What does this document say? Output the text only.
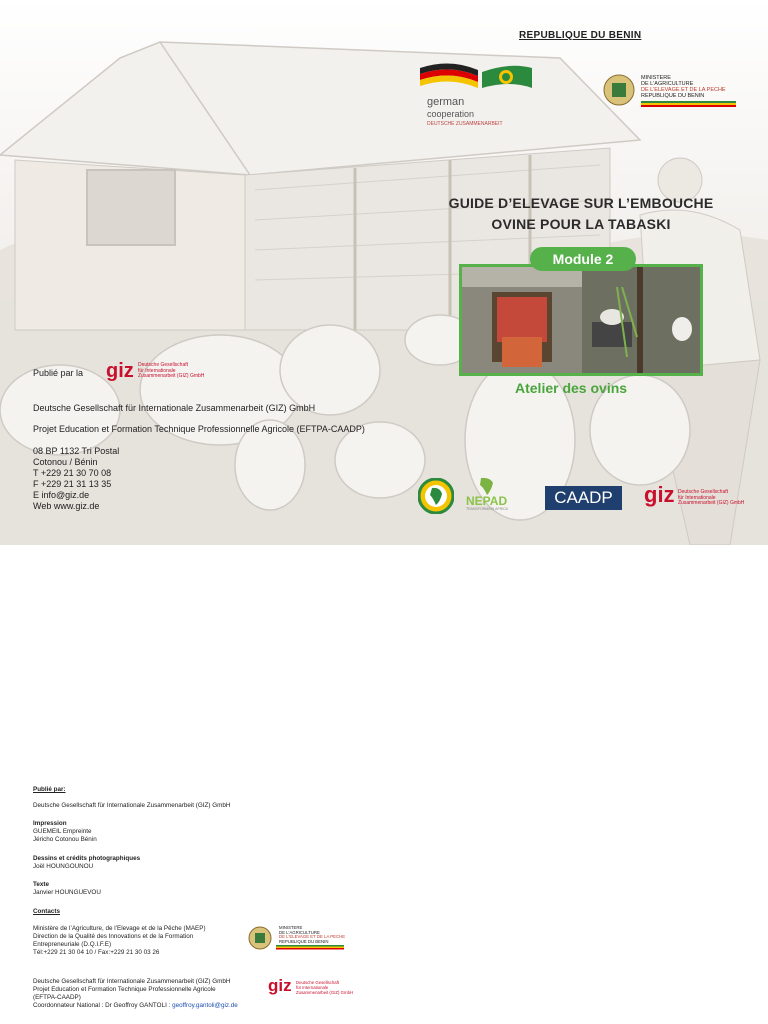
REPUBLIQUE DU BENIN
german
cooperation
DEUTSCHE ZUSAMMENARBEIT
MINISTERE
DE L'AGRICULTURE
DE L'ELEVAGE ET DE LA PECHE
REPUBLIQUE DU BENIN
GUIDE D’ELEVAGE SUR L’EMBOUCHE
OVINE POUR LA TABASKI
Module 2
Atelier des ovins
Publié par la giz Deutsche Gesellschaft
für Internationale
Zusammenarbeit (GIZ) GmbH
Deutsche Gesellschaft für Internationale Zusammenarbeit (GIZ) GmbH
Projet Education et Formation Technique Professionnelle Agricole (EFTPA-CAADP)
08 BP 1132 Tri Postal
Cotonou / Bénin
T +229 21 30 70 08
F +229 21 31 13 35
E info@giz.de
Web www.giz.de	NEPAD
TRANSFORMING AFRICA
CAADP	giz Deutsche Gesellschaft
für Internationale
Zusammenarbeit (GIZ) GmbH
Publié par:
Deutsche Gesellschaft für Internationale Zusammenarbeit (GIZ) GmbH
Impression
GUEMEIL Empreinte
Jéricho Cotonou Bénin
Dessins et crédits photographiques
Joël HOUNGOUNOU
Texte
Janvier HOUNGUEVOU
Contacts
Ministère de l’Agriculture, de l’Elevage et de la Pêche (MAEP)
Direction de la Qualité des Innovations et de la Formation
Entrepreneuriale (D.Q.I.F.E)
Tél:+229 21 30 04 10 / Fax:+229 21 30 03 26
MINISTERE
DE L'AGRICULTURE
DE L'ELEVAGE ET DE LA PECHE
REPUBLIQUE DU BENIN
Deutsche Gesellschaft für Internationale Zusammenarbeit (GIZ) GmbH
Projet Education et Formation Technique Professionnelle Agricole
(EFTPA-CAADP)
Coordonnateur National : Dr Geoffroy GANTOLI : geoffroy.gantoli@giz.de
giz Deutsche Gesellschaft
für Internationale
Zusammenarbeit (GIZ) GmbH
